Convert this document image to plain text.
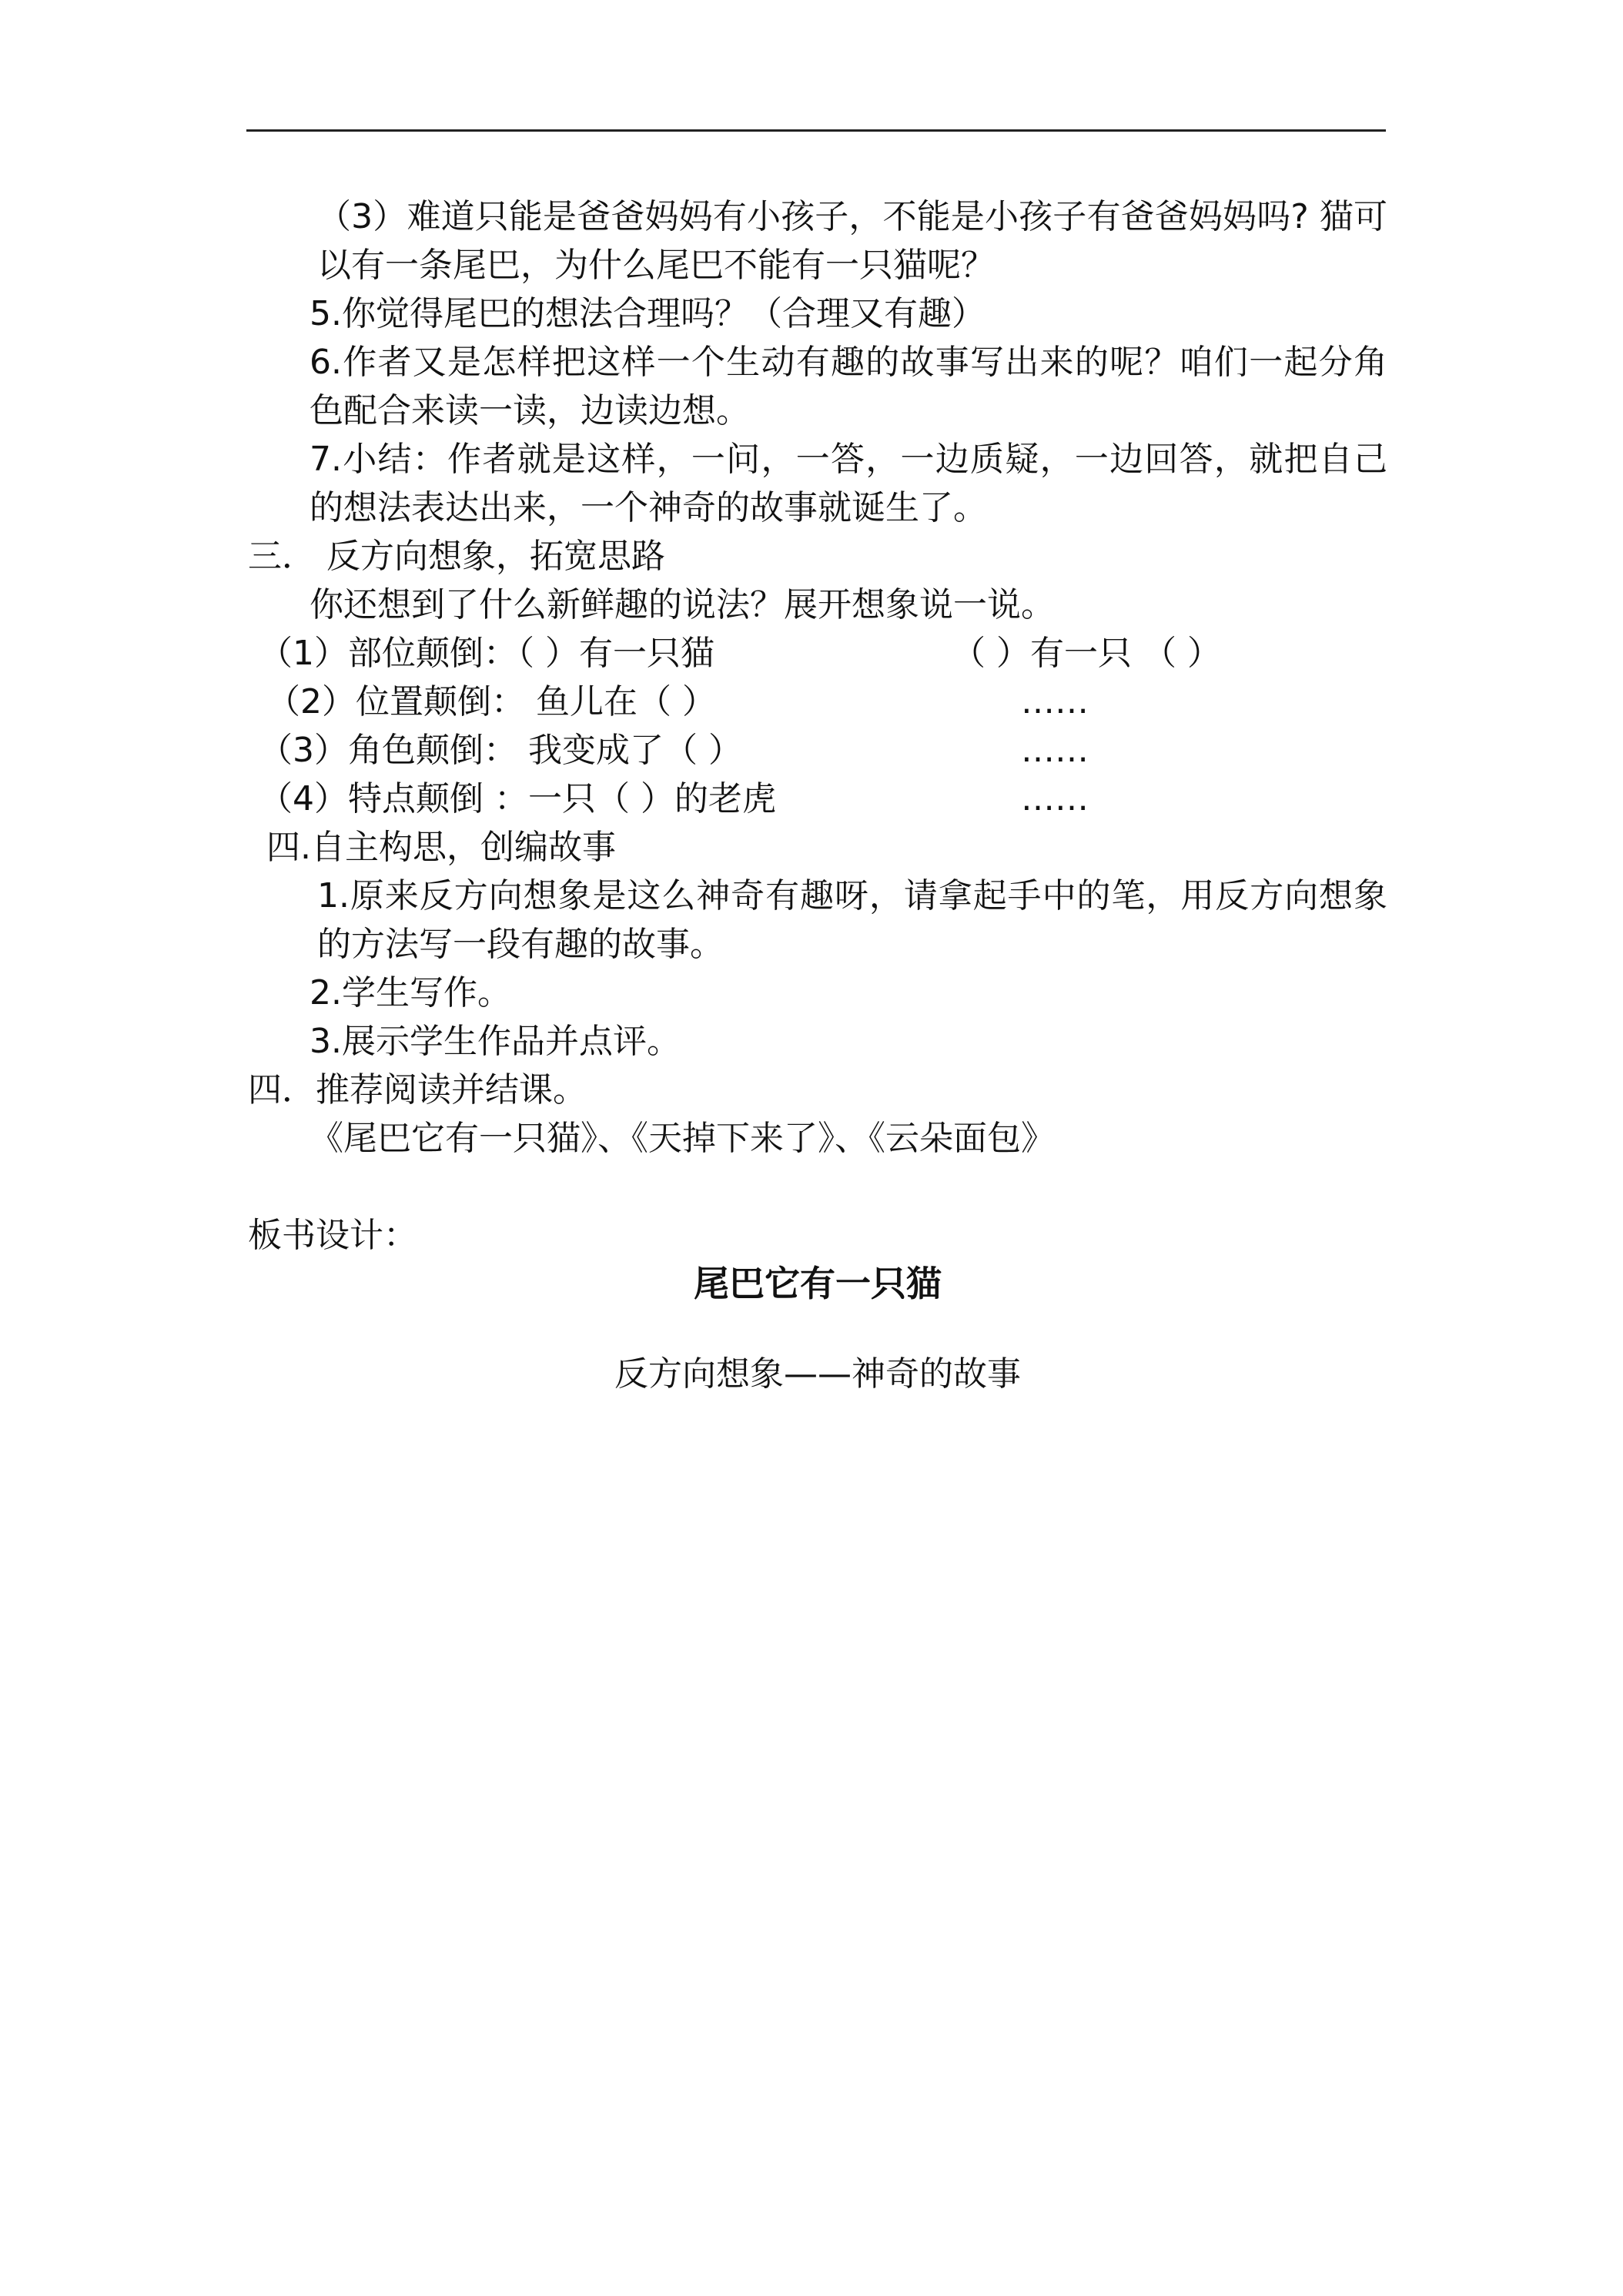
（3）难道只能是爸爸妈妈有小孩子，不能是小孩子有爸爸妈妈吗? 猫可以有一条尾巴，为什么尾巴不能有一只猫呢？

5.你觉得尾巴的想法合理吗？（合理又有趣）

6.作者又是怎样把这样一个生动有趣的故事写出来的呢？咱们一起分角色配合来读一读，边读边想。

7.小结：作者就是这样，一问，一答，一边质疑，一边回答，就把自己的想法表达出来，一个神奇的故事就诞生了。

三． 反方向想象，拓宽思路

你还想到了什么新鲜趣的说法？展开想象说一说。

（1）部位颠倒：（ ）有一只猫	（ ）有一只 （ ）
（2）位置颠倒： 鱼儿在（ ）	……
（3）角色颠倒： 我变成了（ ）	……
（4）特点颠倒 ：一只（ ）的老虎	……

四.自主构思，创编故事

1.原来反方向想象是这么神奇有趣呀，请拿起手中的笔，用反方向想象的方法写一段有趣的故事。

2.学生写作。

3.展示学生作品并点评。

四．推荐阅读并结课。

《尾巴它有一只猫》、《天掉下来了》、《云朵面包》

板书设计：

尾巴它有一只猫

反方向想象——神奇的故事
